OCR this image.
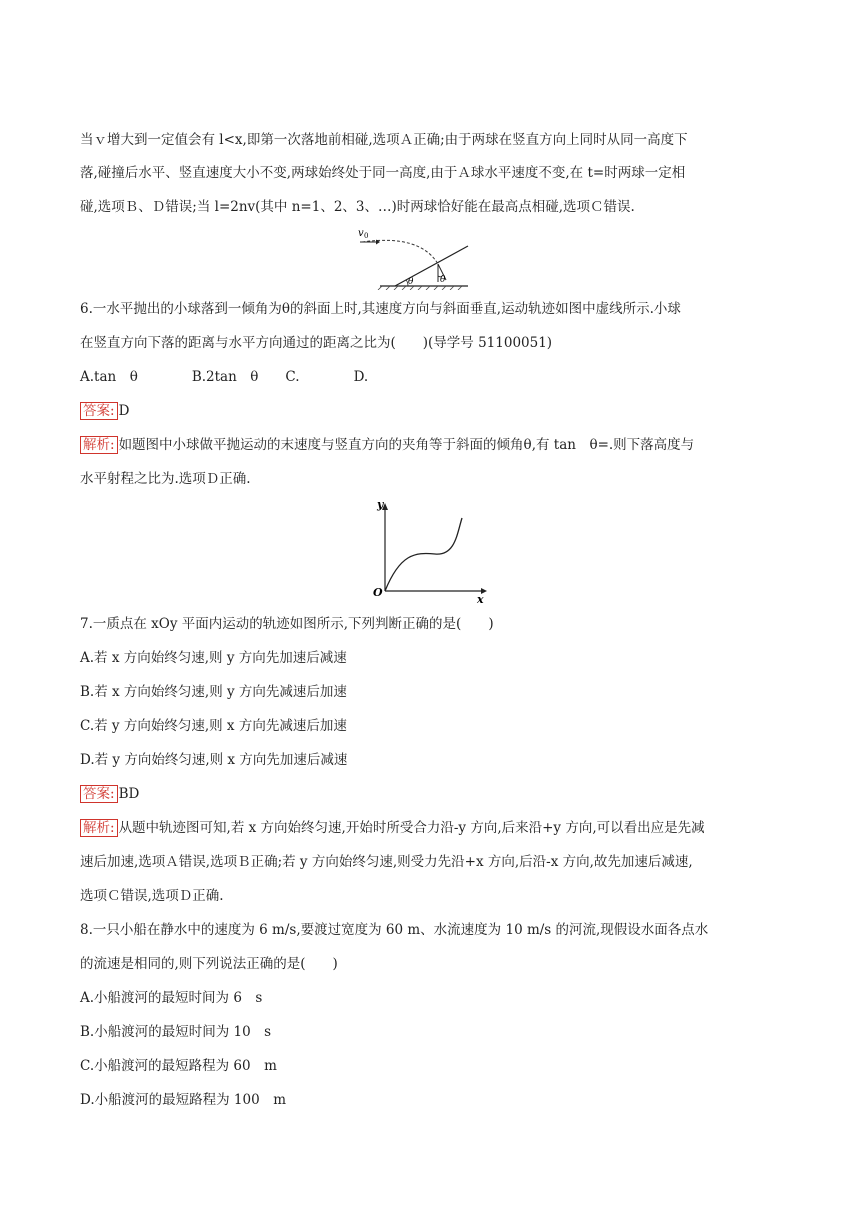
当ｖ增大到一定值会有 l<x,即第一次落地前相碰,选项Ａ正确;由于两球在竖直方向上同时从同一高度下
落,碰撞后水平、竖直速度大小不变,两球始终处于同一高度,由于Ａ球水平速度不变,在 t=时两球一定相
碰,选项Ｂ、Ｄ错误;当 l=2nv(其中 n=1、2、3、…)时两球恰好能在最高点相碰,选项Ｃ错误.
v 0
θ
θ
6.一水平抛出的小球落到一倾角为θ的斜面上时,其速度方向与斜面垂直,运动轨迹如图中虚线所示.小球
在竖直方向下落的距离与水平方向通过的距离之比为(　　)(导学号 51100051)
A.tan　θ　　　　B.2tan　θ　　C.　　　　D.
答案: D
解析: 如题图中小球做平抛运动的末速度与竖直方向的夹角等于斜面的倾角θ,有 tan　θ=.则下落高度与
水平射程之比为.选项Ｄ正确.
y
x
O
7.一质点在 xOy 平面内运动的轨迹如图所示,下列判断正确的是(　　)
A.若 x 方向始终匀速,则 y 方向先加速后减速
B.若 x 方向始终匀速,则 y 方向先减速后加速
C.若 y 方向始终匀速,则 x 方向先减速后加速
D.若 y 方向始终匀速,则 x 方向先加速后减速
答案: BD
解析: 从题中轨迹图可知,若 x 方向始终匀速,开始时所受合力沿-y 方向,后来沿+y 方向,可以看出应是先减
速后加速,选项Ａ错误,选项Ｂ正确;若 y 方向始终匀速,则受力先沿+x 方向,后沿-x 方向,故先加速后减速,
选项Ｃ错误,选项Ｄ正确.
8.一只小船在静水中的速度为 6 m/s,要渡过宽度为 60 m、水流速度为 10 m/s 的河流,现假设水面各点水
的流速是相同的,则下列说法正确的是(　　)
A.小船渡河的最短时间为 6　s
B.小船渡河的最短时间为 10　s
C.小船渡河的最短路程为 60　m
D.小船渡河的最短路程为 100　m
